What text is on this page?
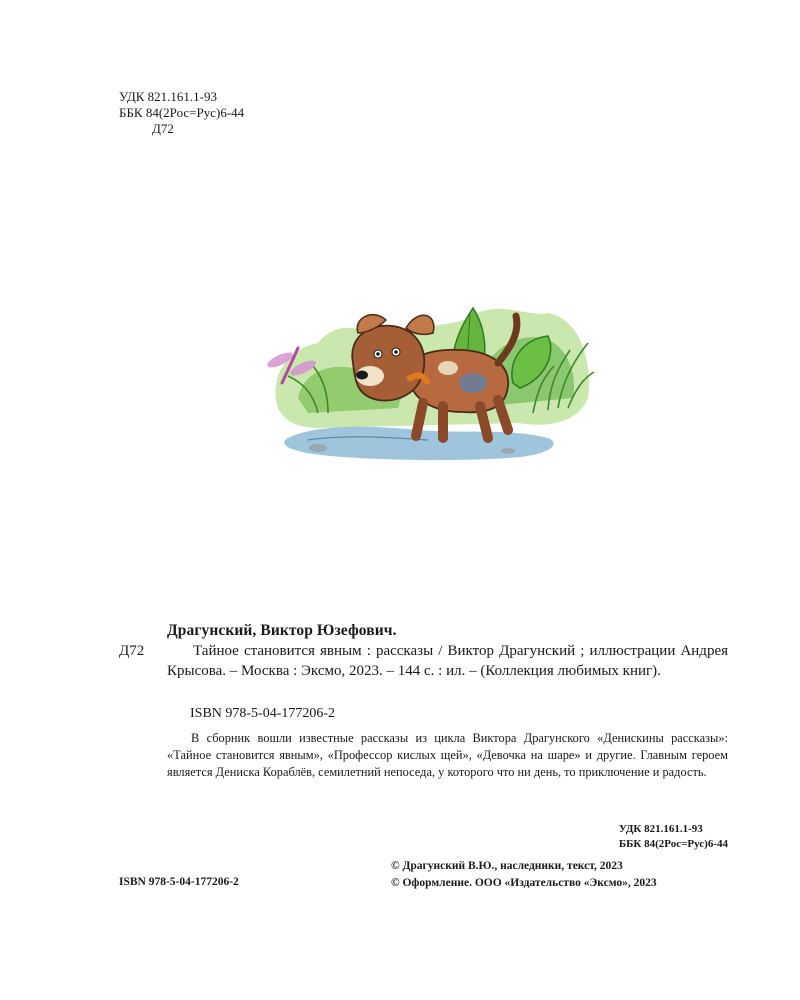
УДК 821.161.1-93
ББК 84(2Рос=Рус)6-44
Д72
Драгунский, Виктор Юзефович.
Д72	Тайное становится явным : рассказы / Виктор Драгунский ; иллюстрации Андрея Крысова. – Москва : Эксмо, 2023. – 144 с. : ил. – (Коллекция любимых книг).
ISBN 978-5-04-177206-2

В сборник вошли известные рассказы из цикла Виктора Драгунского «Денискины рассказы»: «Тайное становится явным», «Профессор кислых щей», «Девочка на шаре» и другие. Главным героем является Дениска Кораблёв, семилетний непоседа, у которого что ни день, то приключение и радость.

УДК 821.161.1-93
ББК 84(2Рос=Рус)6-44
ISBN 978-5-04-177206-2
© Драгунский В.Ю., наследники, текст, 2023
© Оформление. ООО «Издательство «Эксмо», 2023
